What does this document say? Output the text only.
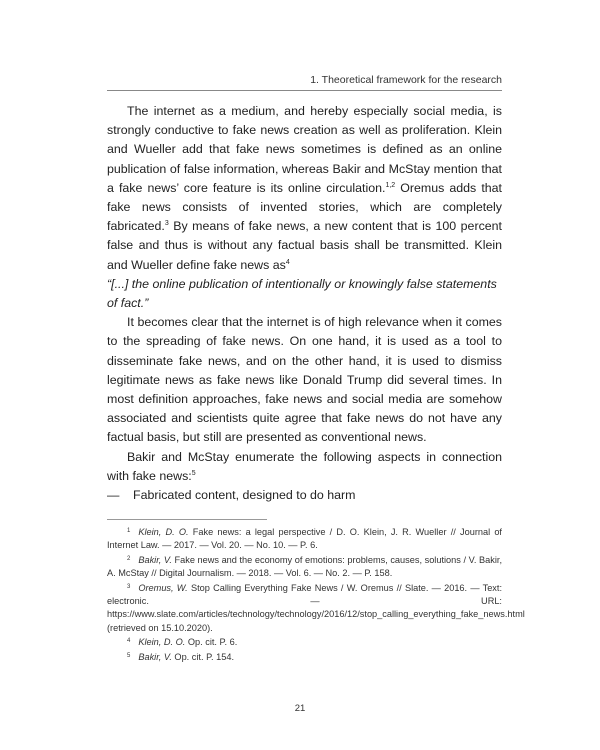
1. Theoretical framework for the research

The internet as a medium, and hereby especially social media, is strongly conductive to fake news creation as well as proliferation. Klein and Wueller add that fake news sometimes is defined as an online publication of false information, whereas Bakir and McStay mention that a fake news’ core feature is its online circulation.$^{1,2}$ Oremus adds that fake news consists of invented stories, which are completely fabricated.$^3$ By means of fake news, a new content that is 100 percent false and thus is without any factual basis shall be transmitted. Klein and Wueller define fake news $as^4$

“[...] the online publication of intentionally or knowingly false statements of fact.”

It becomes clear that the internet is of high relevance when it comes to the spreading of fake news. On one hand, it is used as a tool to disseminate fake news, and on the other hand, it is used to dismiss legitimate news as fake news like Donald Trump did several times. In most definition approaches, fake news and social media are somehow associated and scientists quite agree that fake news do not have any factual basis, but still are presented as conventional news.

Bakir and McStay enumerate the following aspects in connection with fake news:$^5$

—	Fabricated content, designed to do harm

$^1$ Klein, D. O. Fake news: a legal perspective / D. O. Klein, J. R. Wueller // Journal of Internet Law. — 2017. — Vol. 20. — No. 10. — P. 6.

$^2$ Bakir, V. Fake news and the economy of emotions: problems, causes, solutions / V. Bakir, A. McStay // Digital Journalism. — 2018. — Vol. 6. — No. 2. — P. 158.

$^3$ Oremus, W. Stop Calling Everything Fake News / W. Oremus // Slate. — 2016. — Text: electronic. — URL: https://www.slate.com/articles/technology/technology/2016/12/stop_calling_everything_fake_news.html (retrieved on 15.10.2020).

$^4$ Klein, D. O. Op. cit. P. 6.

$^5$ Bakir, V. Op. cit. P. 154.

21
